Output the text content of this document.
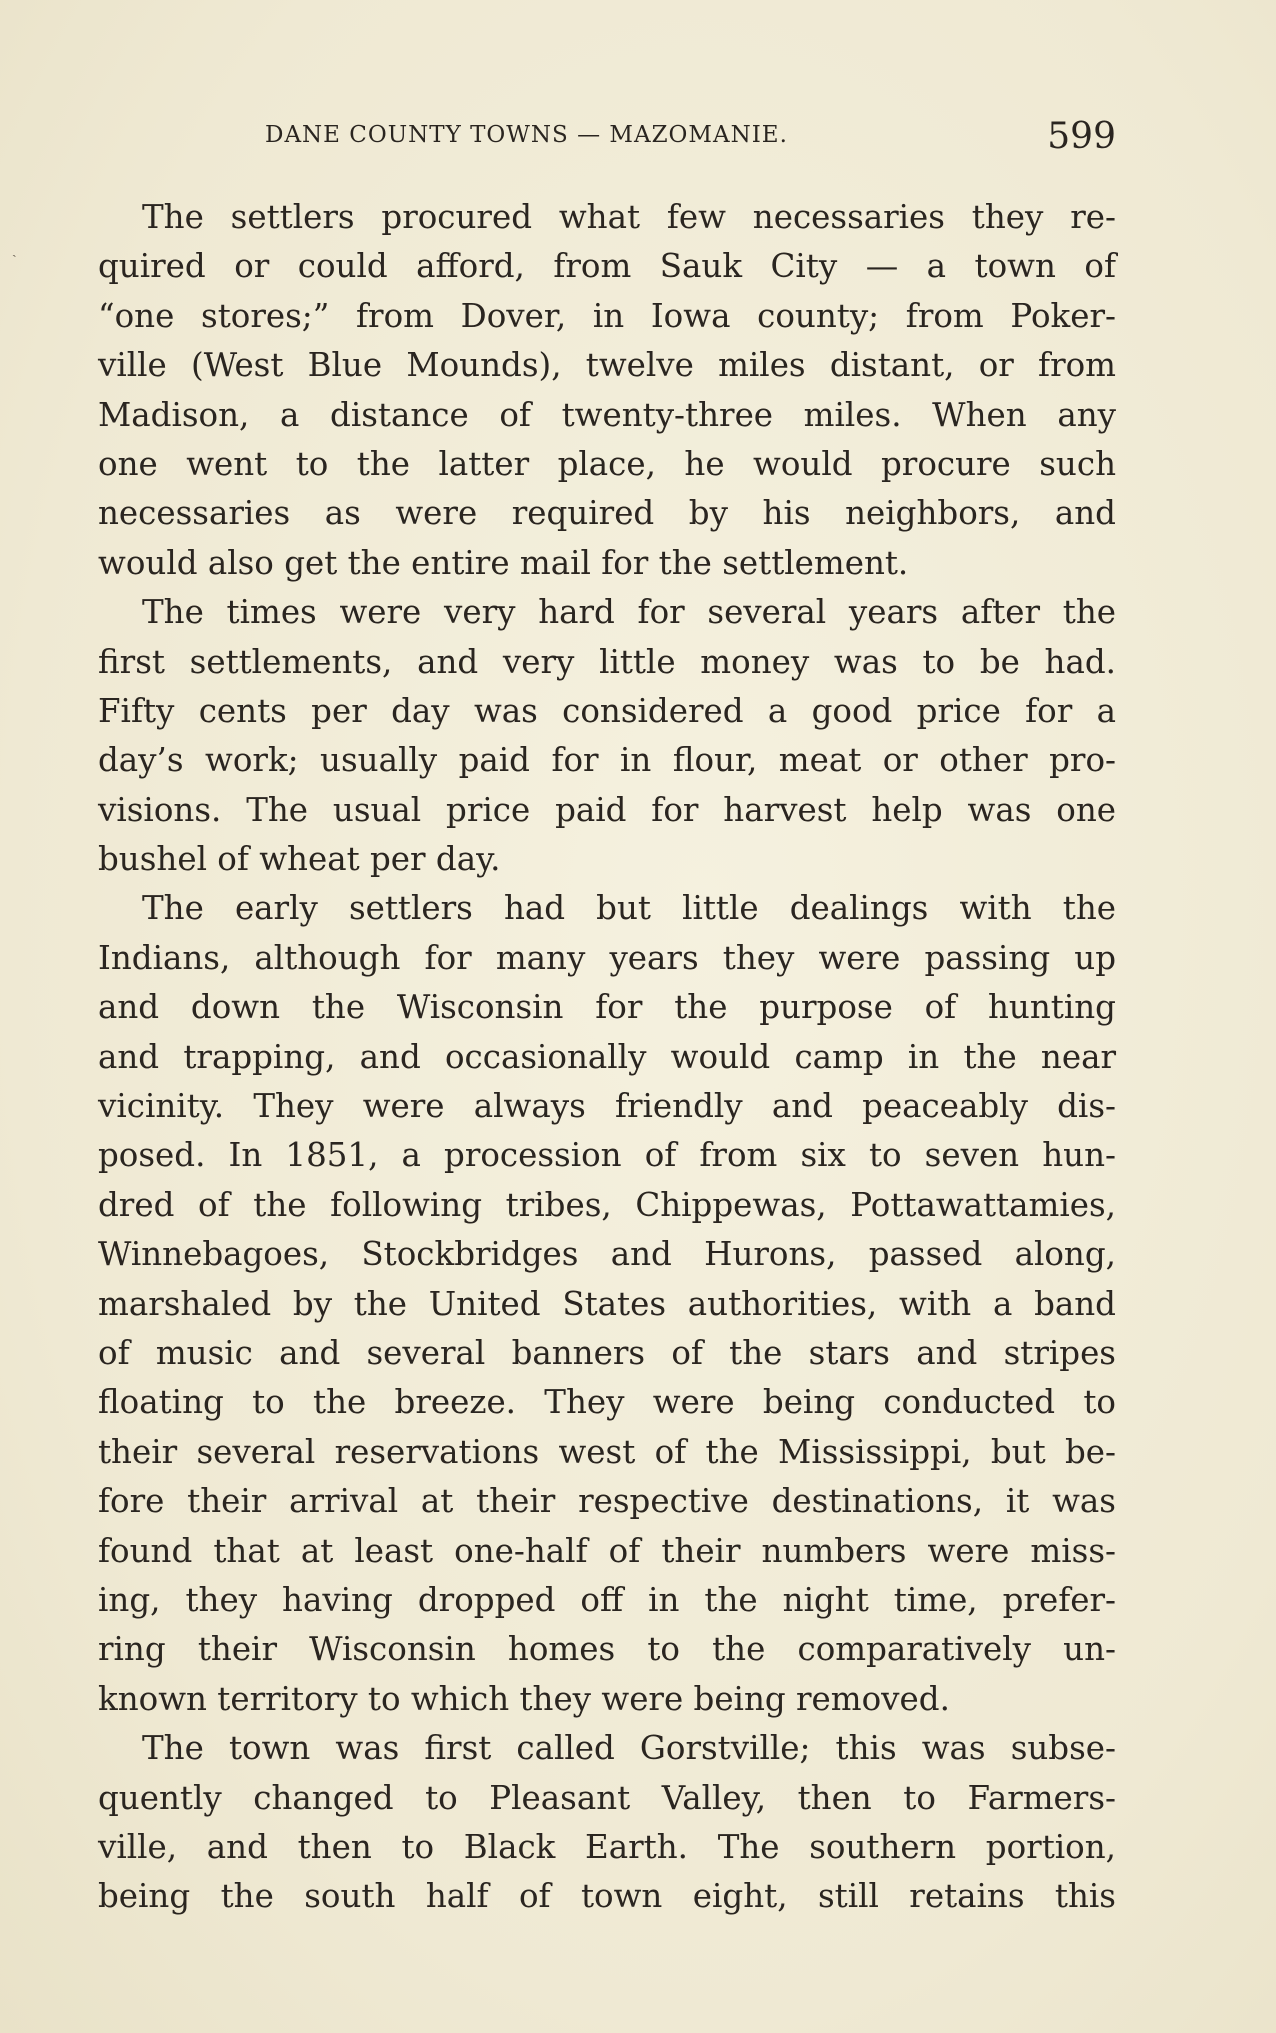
ˎ
DANE COUNTY TOWNS — MAZOMANIE.	599
The settlers procured what few necessaries they re-
quired or could afford, from Sauk City — a town of
“one stores;” from Dover, in Iowa county; from Poker-
ville (West Blue Mounds), twelve miles distant, or from
Madison, a distance of twenty-three miles. When any
one went to the latter place, he would procure such
necessaries as were required by his neighbors, and
would also get the entire mail for the settlement.
The times were very hard for several years after the
first settlements, and very little money was to be had.
Fifty cents per day was considered a good price for a
day’s work; usually paid for in flour, meat or other pro-
visions. The usual price paid for harvest help was one
bushel of wheat per day.
The early settlers had but little dealings with the
Indians, although for many years they were passing up
and down the Wisconsin for the purpose of hunting
and trapping, and occasionally would camp in the near
vicinity. They were always friendly and peaceably dis-
posed. In 1851, a procession of from six to seven hun-
dred of the following tribes, Chippewas, Pottawattamies,
Winnebagoes, Stockbridges and Hurons, passed along,
marshaled by the United States authorities, with a band
of music and several banners of the stars and stripes
floating to the breeze. They were being conducted to
their several reservations west of the Mississippi, but be-
fore their arrival at their respective destinations, it was
found that at least one-half of their numbers were miss-
ing, they having dropped off in the night time, prefer-
ring their Wisconsin homes to the comparatively un-
known territory to which they were being removed.
The town was first called Gorstville; this was subse-
quently changed to Pleasant Valley, then to Farmers-
ville, and then to Black Earth. The southern portion,
being the south half of town eight, still retains this
